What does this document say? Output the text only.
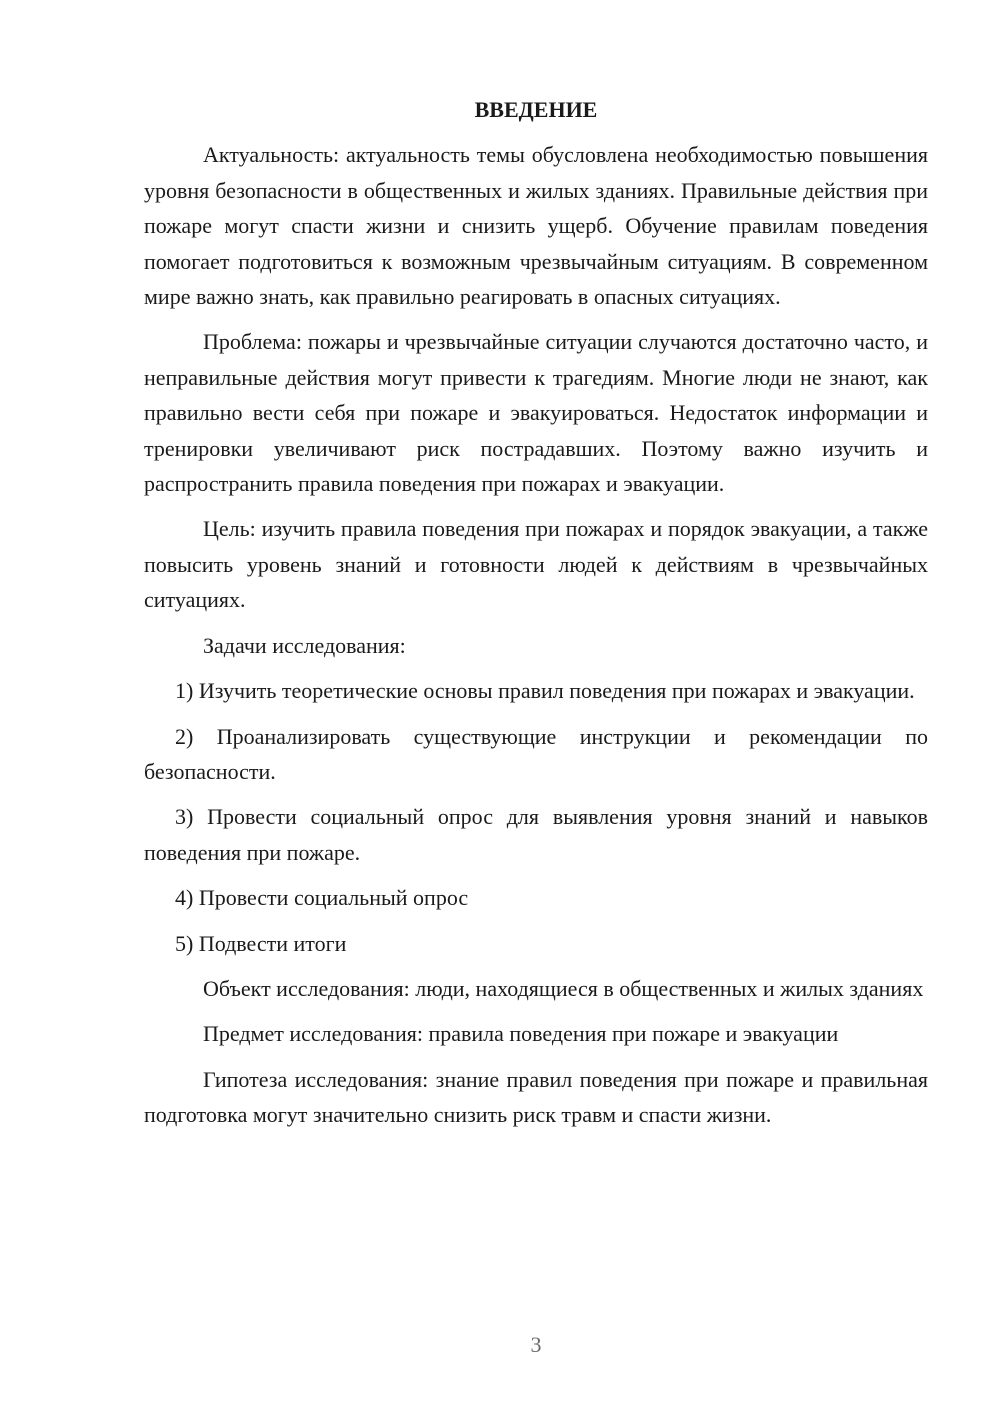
ВВЕДЕНИЕ

Актуальность: актуальность темы обусловлена необходимостью повышения уровня безопасности в общественных и жилых зданиях. Правильные действия при пожаре могут спасти жизни и снизить ущерб. Обучение правилам поведения помогает подготовиться к возможным чрезвычайным ситуациям. В современном мире важно знать, как правильно реагировать в опасных ситуациях.

Проблема: пожары и чрезвычайные ситуации случаются достаточно часто, и неправильные действия могут привести к трагедиям. Многие люди не знают, как правильно вести себя при пожаре и эвакуироваться. Недостаток информации и тренировки увеличивают риск пострадавших. Поэтому важно изучить и распространить правила поведения при пожарах и эвакуации.

Цель: изучить правила поведения при пожарах и порядок эвакуации, а также повысить уровень знаний и готовности людей к действиям в чрезвычайных ситуациях.

Задачи исследования:

1) Изучить теоретические основы правил поведения при пожарах и эвакуации.

2) Проанализировать существующие инструкции и рекомендации по безопасности.

3) Провести социальный опрос для выявления уровня знаний и навыков поведения при пожаре.

4) Провести социальный опрос

5) Подвести итоги

Объект исследования: люди, находящиеся в общественных и жилых зданиях

Предмет исследования: правила поведения при пожаре и эвакуации

Гипотеза исследования: знание правил поведения при пожаре и правильная подготовка могут значительно снизить риск травм и спасти жизни.

3
